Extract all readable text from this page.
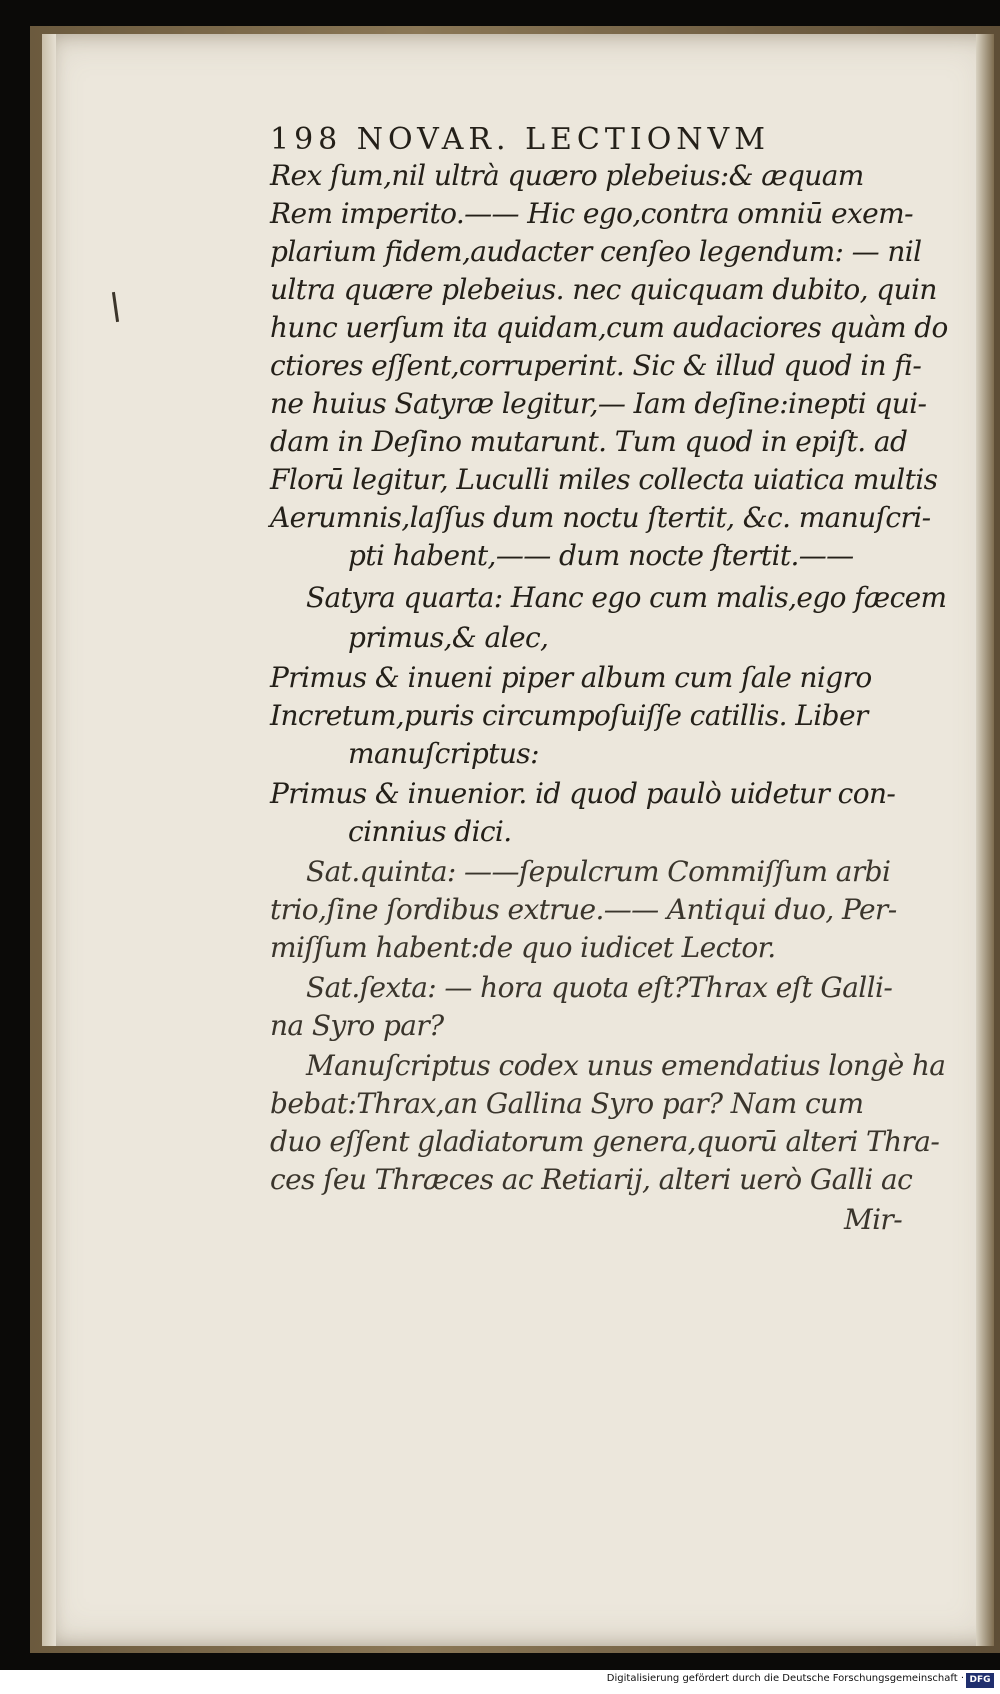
198 NOVAR. LECTIONVM
Rex ſum,nil ultrà quæro plebeius:& æquam
Rem imperito.—— Hic ego,contra omniū exem-
plarium fidem,audacter cenſeo legendum: — nil
ultra quære plebeius. nec quicquam dubito, quin
hunc uerſum ita quidam,cum audaciores quàm do
ctiores eſſent,corruperint. Sic & illud quod in fi-
ne huius Satyræ legitur,— Iam deſine:inepti qui-
dam in Deſino mutarunt. Tum quod in epiſt. ad
Florū legitur, Luculli miles collecta uiatica multis
Aerumnis,laſſus dum noctu ſtertit, &c. manuſcri-
pti habent,—— dum nocte ſtertit.——
Satyra quarta: Hanc ego cum malis,ego fæcem
primus,& alec,
Primus & inueni piper album cum ſale nigro
Incretum,puris circumpoſuiſſe catillis. Liber
manuſcriptus:
Primus & inuenior. id quod paulò uidetur con-
cinnius dici.
Sat.quinta: ——ſepulcrum Commiſſum arbi
trio,ſine ſordibus extrue.—— Antiqui duo, Per-
miſſum habent:de quo iudicet Lector.
Sat.ſexta: — hora quota eſt?Thrax eſt Galli-
na Syro par?
Manuſcriptus codex unus emendatius longè ha
bebat:Thrax,an Gallina Syro par? Nam cum
duo eſſent gladiatorum genera,quorū alteri Thra-
ces ſeu Thræces ac Retiarij, alteri uerò Galli ac
Mir-
Digitalisierung gefördert durch die Deutsche Forschungsgemeinschaft · DFG
